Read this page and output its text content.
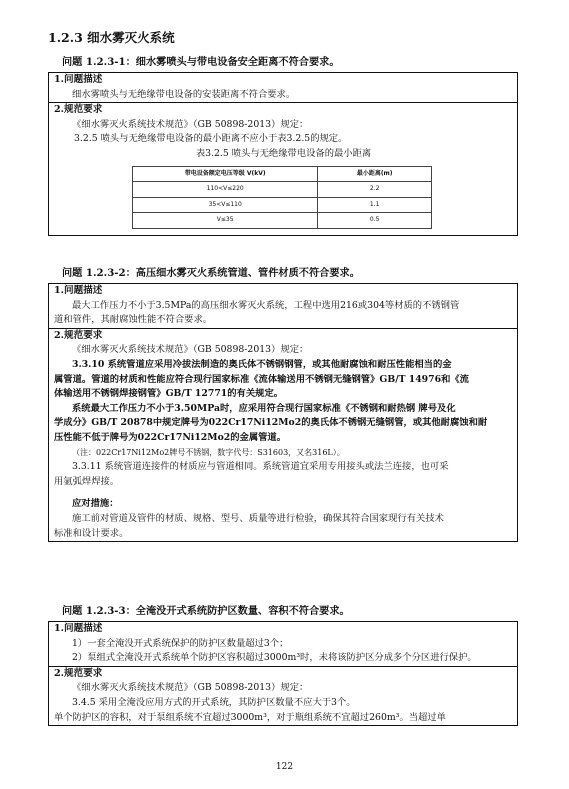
1.2.3 细水雾灭火系统
问题 1.2.3-1：细水雾喷头与带电设备安全距离不符合要求。
1.问题描述
细水雾喷头与无绝缘带电设备的安装距离不符合要求。
2.规范要求
《细水雾灭火系统技术规范》（GB 50898-2013）规定：
3.2.5 喷头与无绝缘带电设备的最小距离不应小于表3.2.5的规定。
表3.2.5 喷头与无绝缘带电设备的最小距离
带电设备额定电压等级 V(kV)	最小距离(m)
110<V≤220	2.2
35<V≤110	1.1
V≤35	0.5
问题 1.2.3-2：高压细水雾灭火系统管道、管件材质不符合要求。
1.问题描述
最大工作压力不小于3.5MPa的高压细水雾灭火系统，工程中选用216或304等材质的不锈钢管
道和管件，其耐腐蚀性能不符合要求。
2.规范要求
《细水雾灭火系统技术规范》（GB 50898-2013）规定：
3.3.10 系统管道应采用冷拔法制造的奥氏体不锈钢钢管，或其他耐腐蚀和耐压性能相当的金
属管道。管道的材质和性能应符合现行国家标准《流体输送用不锈钢无缝钢管》GB/T 14976和《流
体输送用不锈钢焊接钢管》GB/T 12771的有关规定。
系统最大工作压力不小于3.50MPa时，应采用符合现行国家标准《不锈钢和耐热钢 牌号及化
学成分》GB/T 20878中规定牌号为022Cr17Ni12Mo2的奥氏体不锈钢无缝钢管，或其他耐腐蚀和耐
压性能不低于牌号为022Cr17Ni12Mo2的金属管道。
（注：022Cr17Ni12Mo2牌号不锈钢，数字代号：S31603，又名316L）。
3.3.11 系统管道连接件的材质应与管道相同。系统管道宜采用专用接头或法兰连接，也可采
用氩弧焊焊接。
应对措施：
施工前对管道及管件的材质、规格、型号、质量等进行检验，确保其符合国家现行有关技术
标准和设计要求。
问题 1.2.3-3：全淹没开式系统防护区数量、容积不符合要求。
1.问题描述
1）一套全淹没开式系统保护的防护区数量超过3个；
2）泵组式全淹没开式系统单个防护区容积超过3000m³时，未将该防护区分成多个分区进行保护。
2.规范要求
《细水雾灭火系统技术规范》（GB 50898-2013）规定：
3.4.5 采用全淹没应用方式的开式系统，其防护区数量不应大于3个。
单个防护区的容积，对于泵组系统不宜超过3000m³，对于瓶组系统不宜超过260m³。当超过单
122
